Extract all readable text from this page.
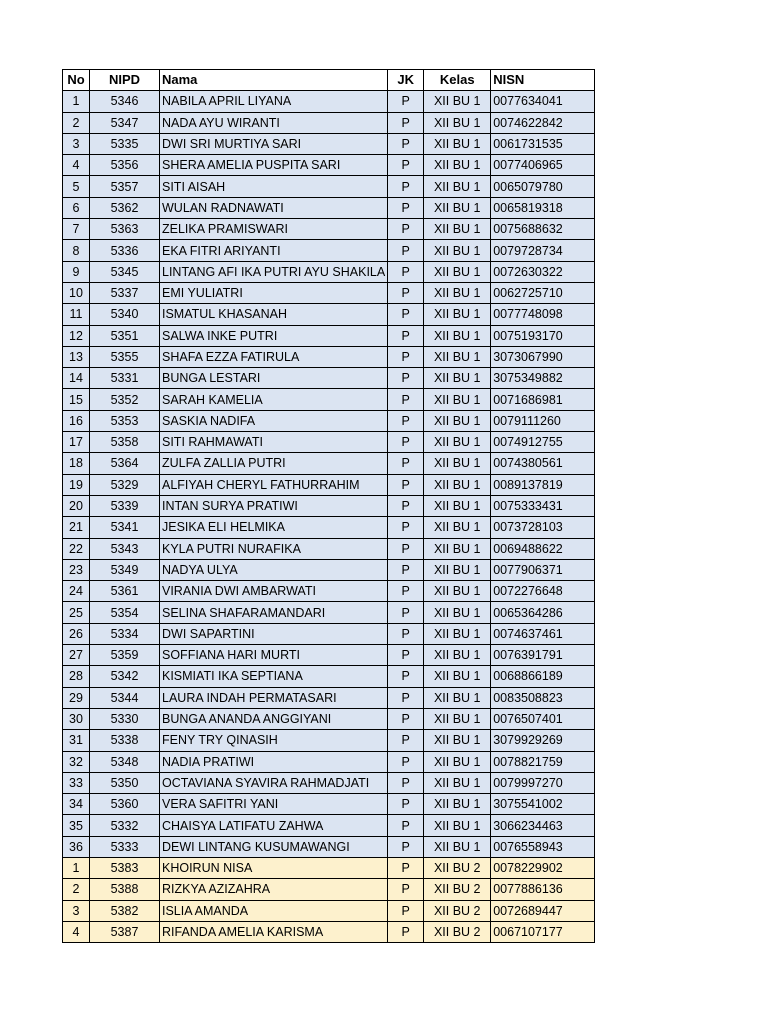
No	NIPD	Nama	JK	Kelas	NISN
1	5346	NABILA APRIL LIYANA	P	XII BU 1	0077634041
2	5347	NADA AYU WIRANTI	P	XII BU 1	0074622842
3	5335	DWI SRI MURTIYA SARI	P	XII BU 1	0061731535
4	5356	SHERA AMELIA PUSPITA SARI	P	XII BU 1	0077406965
5	5357	SITI AISAH	P	XII BU 1	0065079780
6	5362	WULAN RADNAWATI	P	XII BU 1	0065819318
7	5363	ZELIKA PRAMISWARI	P	XII BU 1	0075688632
8	5336	EKA FITRI ARIYANTI	P	XII BU 1	0079728734
9	5345	LINTANG AFI IKA PUTRI AYU SHAKILA	P	XII BU 1	0072630322
10	5337	EMI YULIATRI	P	XII BU 1	0062725710
11	5340	ISMATUL KHASANAH	P	XII BU 1	0077748098
12	5351	SALWA INKE PUTRI	P	XII BU 1	0075193170
13	5355	SHAFA EZZA FATIRULA	P	XII BU 1	3073067990
14	5331	BUNGA LESTARI	P	XII BU 1	3075349882
15	5352	SARAH KAMELIA	P	XII BU 1	0071686981
16	5353	SASKIA NADIFA	P	XII BU 1	0079111260
17	5358	SITI RAHMAWATI	P	XII BU 1	0074912755
18	5364	ZULFA ZALLIA PUTRI	P	XII BU 1	0074380561
19	5329	ALFIYAH CHERYL FATHURRAHIM	P	XII BU 1	0089137819
20	5339	INTAN SURYA PRATIWI	P	XII BU 1	0075333431
21	5341	JESIKA ELI HELMIKA	P	XII BU 1	0073728103
22	5343	KYLA PUTRI NURAFIKA	P	XII BU 1	0069488622
23	5349	NADYA ULYA	P	XII BU 1	0077906371
24	5361	VIRANIA DWI AMBARWATI	P	XII BU 1	0072276648
25	5354	SELINA SHAFARAMANDARI	P	XII BU 1	0065364286
26	5334	DWI SAPARTINI	P	XII BU 1	0074637461
27	5359	SOFFIANA HARI MURTI	P	XII BU 1	0076391791
28	5342	KISMIATI IKA SEPTIANA	P	XII BU 1	0068866189
29	5344	LAURA INDAH PERMATASARI	P	XII BU 1	0083508823
30	5330	BUNGA ANANDA ANGGIYANI	P	XII BU 1	0076507401
31	5338	FENY TRY QINASIH	P	XII BU 1	3079929269
32	5348	NADIA PRATIWI	P	XII BU 1	0078821759
33	5350	OCTAVIANA SYAVIRA RAHMADJATI	P	XII BU 1	0079997270
34	5360	VERA SAFITRI YANI	P	XII BU 1	3075541002
35	5332	CHAISYA LATIFATU ZAHWA	P	XII BU 1	3066234463
36	5333	DEWI LINTANG KUSUMAWANGI	P	XII BU 1	0076558943
1	5383	KHOIRUN NISA	P	XII BU 2	0078229902
2	5388	RIZKYA AZIZAHRA	P	XII BU 2	0077886136
3	5382	ISLIA AMANDA	P	XII BU 2	0072689447
4	5387	RIFANDA AMELIA KARISMA	P	XII BU 2	0067107177
